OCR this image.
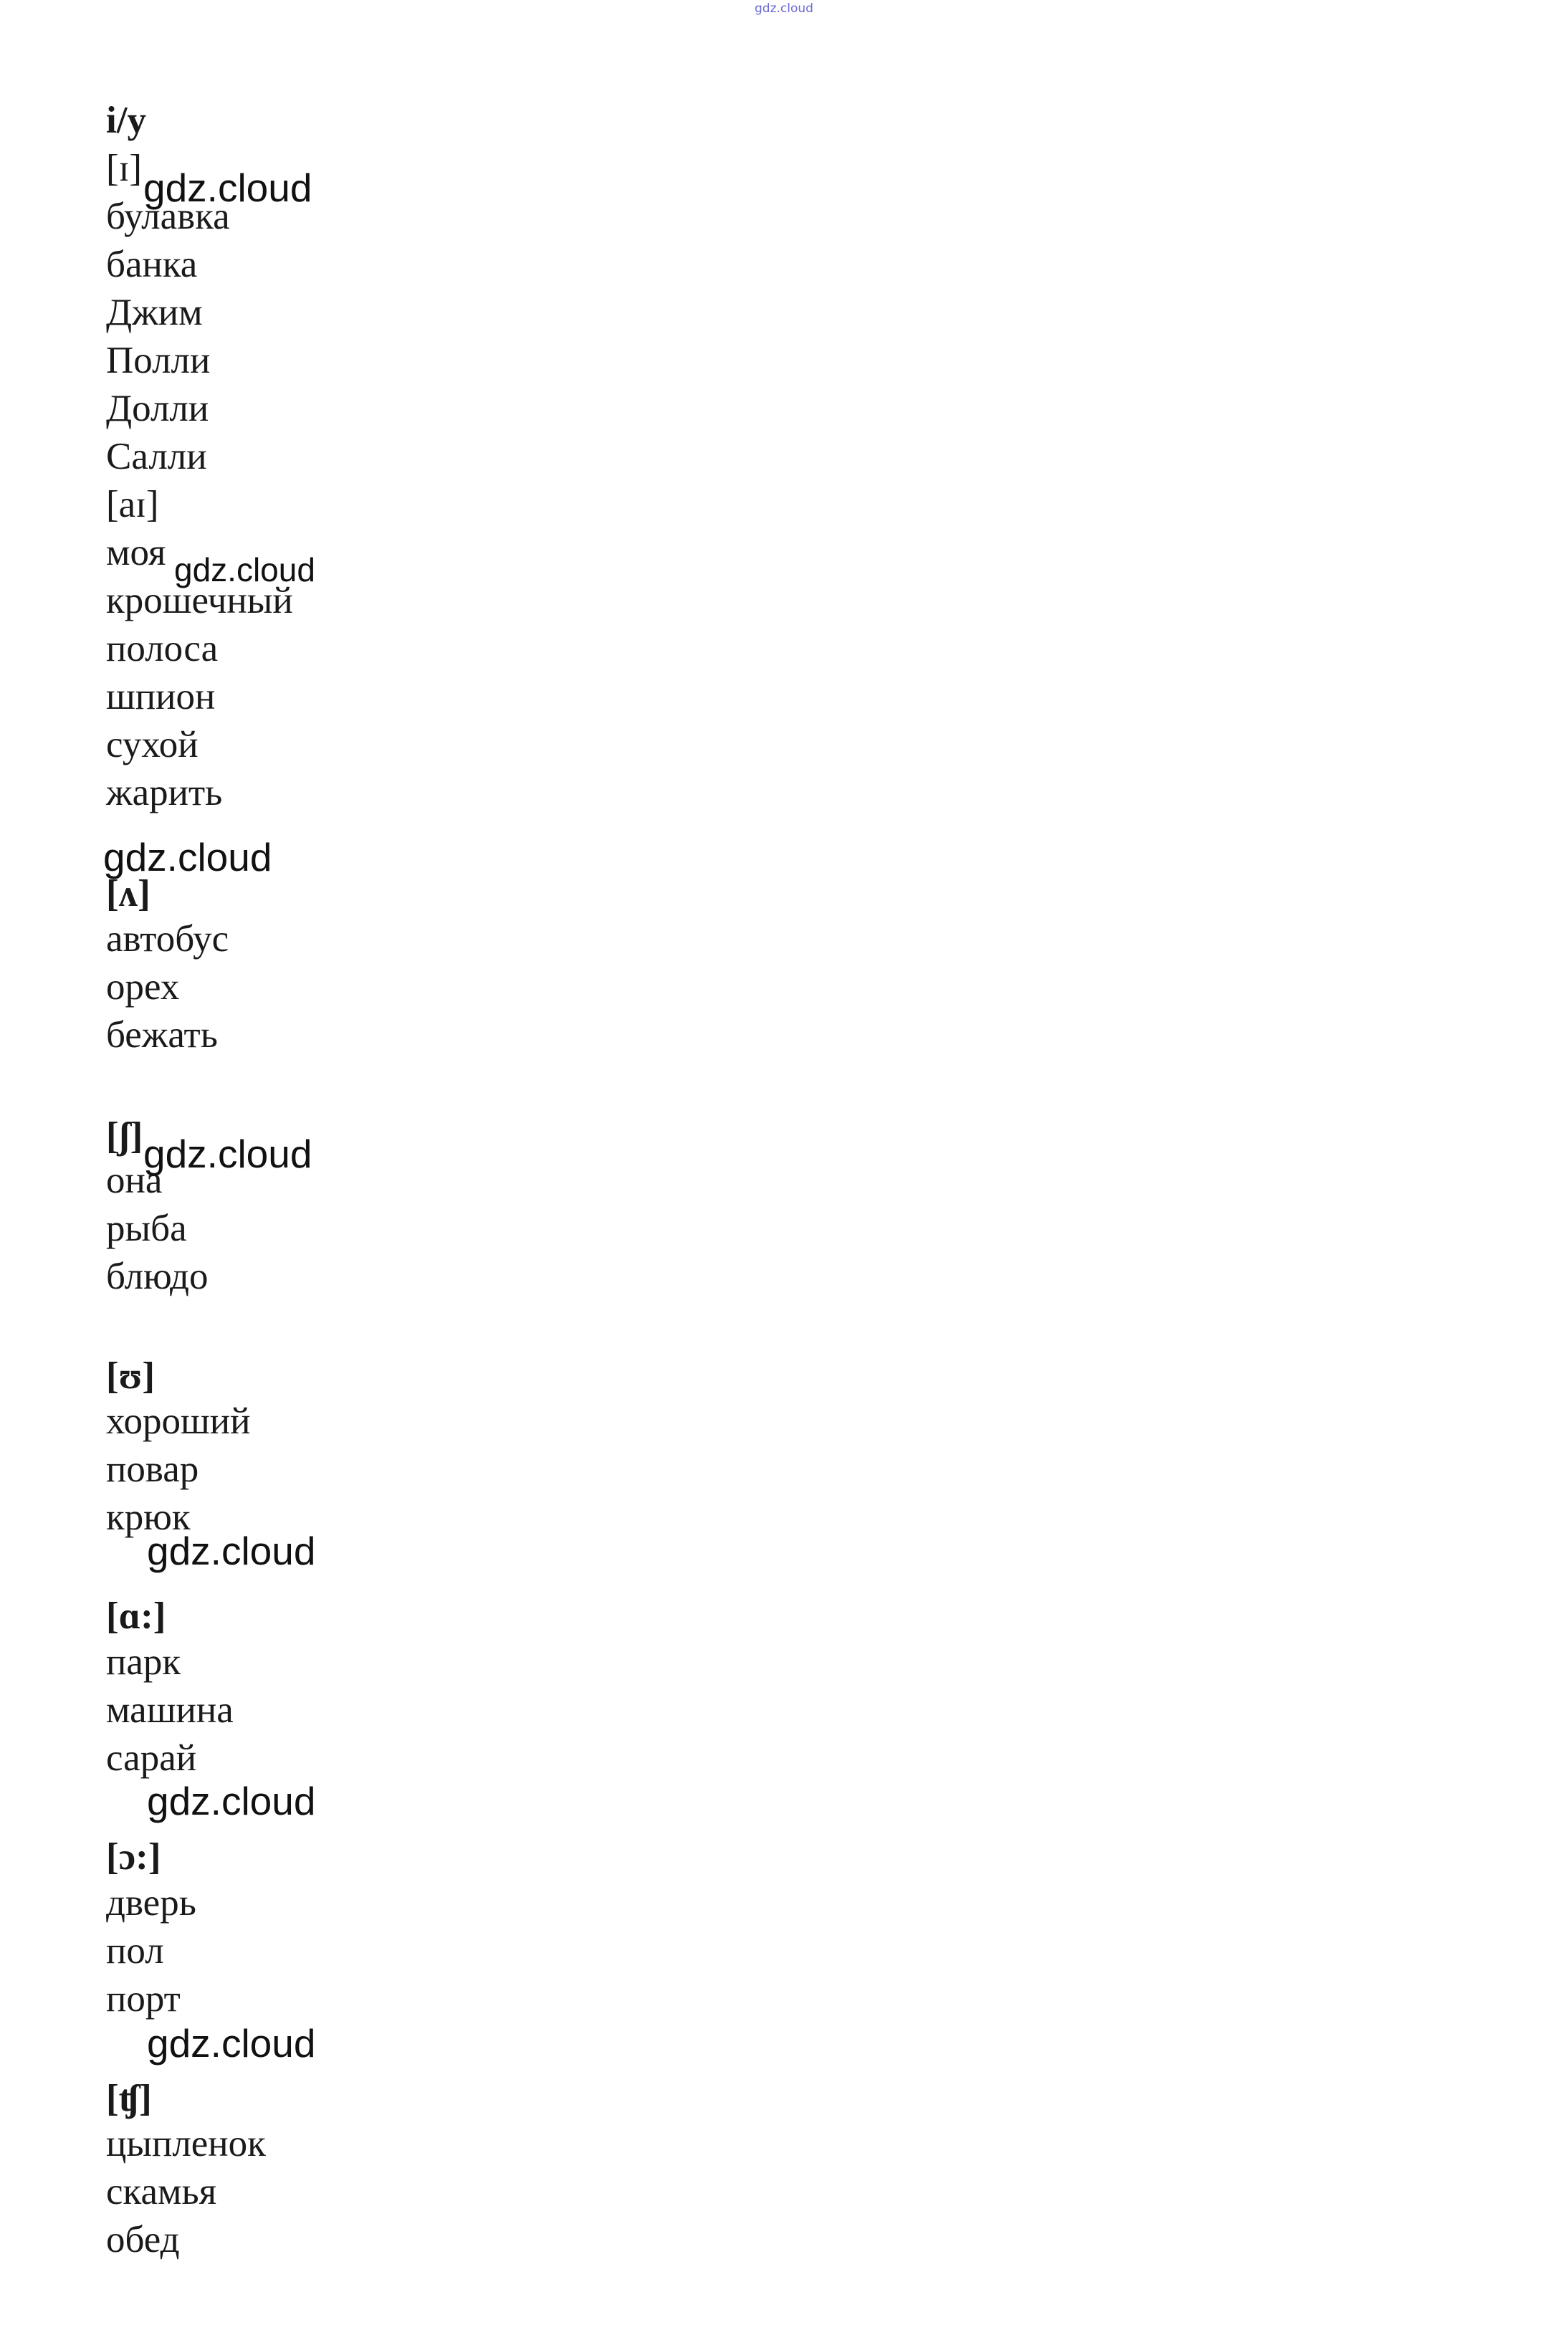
gdz.cloud
i/y
[ɪ]
булавка
банка
Джим
Полли
Долли
Салли
[aɪ]
моя
крошечный
полоса
шпион
сухой
жарить
[ʌ]
автобус
орех
бежать
[ʃ]
она
рыба
блюдо
[ʊ]
хороший
повар
крюк
[ɑ:]
парк
машина
сарай
[ɔ:]
дверь
пол
порт
[ʧ]
цыпленок
скамья
обед
gdz.cloud
gdz.cloud
gdz.cloud
gdz.cloud
gdz.cloud
gdz.cloud
gdz.cloud
